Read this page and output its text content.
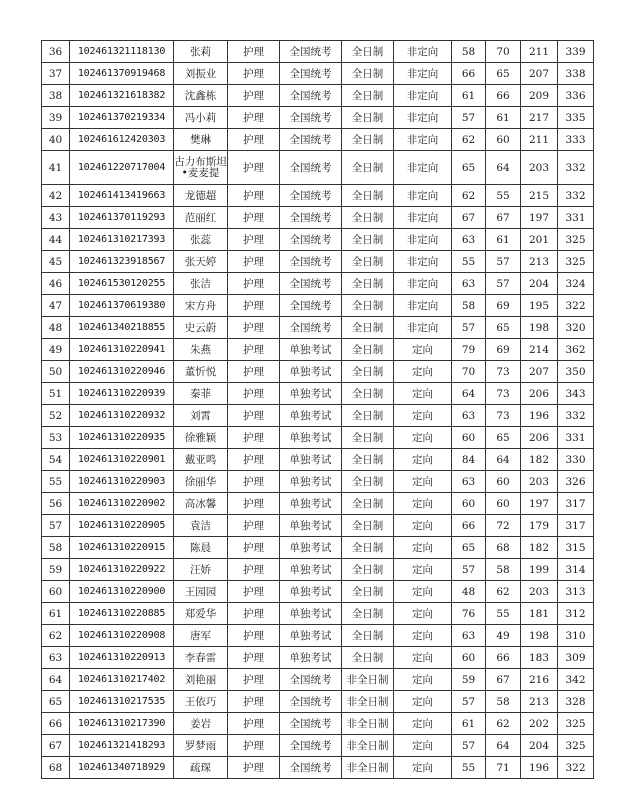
36	102461321118130	张莉	护理	全国统考	全日制	非定向	58	70	211	339
37	102461370919468	刘振业	护理	全国统考	全日制	非定向	66	65	207	338
38	102461321618382	沈鑫栋	护理	全国统考	全日制	非定向	61	66	209	336
39	102461370219334	冯小莉	护理	全国统考	全日制	非定向	57	61	217	335
40	102461612420303	樊琳	护理	全国统考	全日制	非定向	62	60	211	333
41	102461220717004	古力布斯坦•麦麦提	护理	全国统考	全日制	非定向	65	64	203	332
42	102461413419663	龙德超	护理	全国统考	全日制	非定向	62	55	215	332
43	102461370119293	范丽红	护理	全国统考	全日制	非定向	67	67	197	331
44	102461310217393	张蕊	护理	全国统考	全日制	非定向	63	61	201	325
45	102461323918567	张天婷	护理	全国统考	全日制	非定向	55	57	213	325
46	102461530120255	张洁	护理	全国统考	全日制	非定向	63	57	204	324
47	102461370619380	宋方舟	护理	全国统考	全日制	非定向	58	69	195	322
48	102461340218855	史云蔚	护理	全国统考	全日制	非定向	57	65	198	320
49	102461310220941	朱燕	护理	单独考试	全日制	定向	79	69	214	362
50	102461310220946	董忻悦	护理	单独考试	全日制	定向	70	73	207	350
51	102461310220939	秦菲	护理	单独考试	全日制	定向	64	73	206	343
52	102461310220932	刘霄	护理	单独考试	全日制	定向	63	73	196	332
53	102461310220935	徐雅颖	护理	单独考试	全日制	定向	60	65	206	331
54	102461310220901	戴亚鸣	护理	单独考试	全日制	定向	84	64	182	330
55	102461310220903	徐丽华	护理	单独考试	全日制	定向	63	60	203	326
56	102461310220902	高冰馨	护理	单独考试	全日制	定向	60	60	197	317
57	102461310220905	袁洁	护理	单独考试	全日制	定向	66	72	179	317
58	102461310220915	陈晨	护理	单独考试	全日制	定向	65	68	182	315
59	102461310220922	汪娇	护理	单独考试	全日制	定向	57	58	199	314
60	102461310220900	王园园	护理	单独考试	全日制	定向	48	62	203	313
61	102461310220885	郑爱华	护理	单独考试	全日制	定向	76	55	181	312
62	102461310220908	唐军	护理	单独考试	全日制	定向	63	49	198	310
63	102461310220913	李春雷	护理	单独考试	全日制	定向	60	66	183	309
64	102461310217402	刘艳丽	护理	全国统考	非全日制	定向	59	67	216	342
65	102461310217535	王依巧	护理	全国统考	非全日制	定向	57	58	213	328
66	102461310217390	姜岩	护理	全国统考	非全日制	定向	61	62	202	325
67	102461321418293	罗梦雨	护理	全国统考	非全日制	定向	57	64	204	325
68	102461340718929	疏琛	护理	全国统考	非全日制	定向	55	71	196	322
